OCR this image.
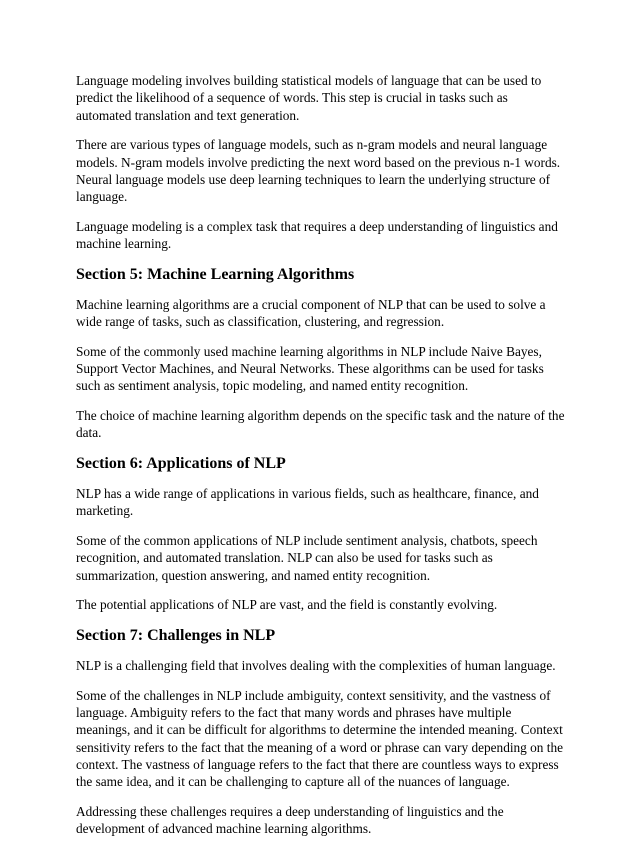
Language modeling involves building statistical models of language that can be used to predict the likelihood of a sequence of words. This step is crucial in tasks such as automated translation and text generation.

There are various types of language models, such as n-gram models and neural language models. N-gram models involve predicting the next word based on the previous n-1 words. Neural language models use deep learning techniques to learn the underlying structure of language.

Language modeling is a complex task that requires a deep understanding of linguistics and machine learning.

Section 5: Machine Learning Algorithms

Machine learning algorithms are a crucial component of NLP that can be used to solve a wide range of tasks, such as classification, clustering, and regression.

Some of the commonly used machine learning algorithms in NLP include Naive Bayes, Support Vector Machines, and Neural Networks. These algorithms can be used for tasks such as sentiment analysis, topic modeling, and named entity recognition.

The choice of machine learning algorithm depends on the specific task and the nature of the data.

Section 6: Applications of NLP

NLP has a wide range of applications in various fields, such as healthcare, finance, and marketing.

Some of the common applications of NLP include sentiment analysis, chatbots, speech recognition, and automated translation. NLP can also be used for tasks such as summarization, question answering, and named entity recognition.

The potential applications of NLP are vast, and the field is constantly evolving.

Section 7: Challenges in NLP

NLP is a challenging field that involves dealing with the complexities of human language.

Some of the challenges in NLP include ambiguity, context sensitivity, and the vastness of language. Ambiguity refers to the fact that many words and phrases have multiple meanings, and it can be difficult for algorithms to determine the intended meaning. Context sensitivity refers to the fact that the meaning of a word or phrase can vary depending on the context. The vastness of language refers to the fact that there are countless ways to express the same idea, and it can be challenging to capture all of the nuances of language.

Addressing these challenges requires a deep understanding of linguistics and the development of advanced machine learning algorithms.
